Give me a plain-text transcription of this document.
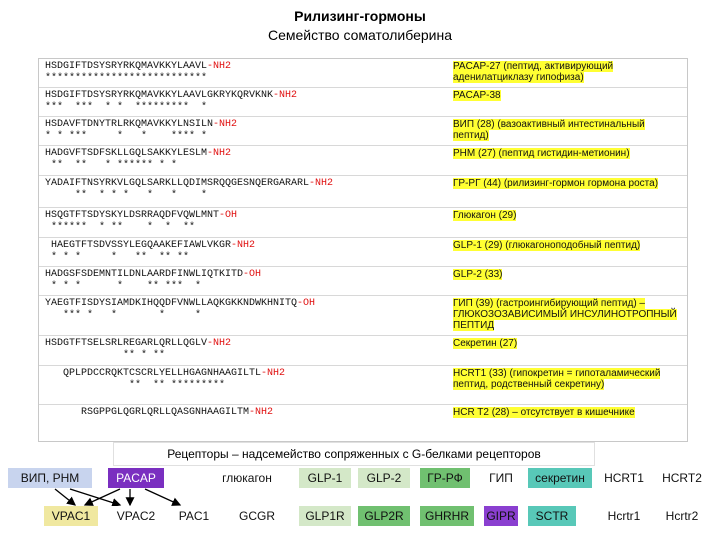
Рилизинг-гормоны
Семейство соматолиберина
HSDGIFTDSYSRYRKQMAVKKYLAAVL-NH2
***************************
PACAP-27 (пептид, активирующий аденилатциклазу гипофиза)
HSDGIFTDSYSRYRKQMAVKKYLAAVLGKRYKQRVKNK-NH2
***  ***  * *  *********  *
PACAP-38
HSDAVFTDNYTRLRKQMAVKKYLNSILN-NH2
* * ***     *   *    **** *
ВИП (28) (вазоактивный интестинальный пептид)
HADGVFTSDFSKLLGQLSAKKYLESLM-NH2
**  **   * ****** * *
PHM (27) (пептид гистидин-метионин)
YADAIFTNSYRKVLGQLSARKLLQDIMSRQQGESNQERGARARL-NH2
**  * * *   *   *    *
ГР-РГ (44) (рилизинг-гормон гормона роста)
HSQGTFTSDYSKYLDSRRAQDFVQWLMNT-OH
******  * **    *  *  **
Глюкагон (29)
HAEGTFTSDVSSYLEGQAAKEFIAWLVKGR-NH2
* * *     *   **  ** **
GLP-1 (29) (глюкагоноподобный пептид)
HADGSFSDEMNTILDNLAARDFINWLIQTKITD-OH
* * *      *    ** ***  *
GLP-2 (33)
YAEGTFISDYSIAMDKIHQQDFVNWLLAQKGKKNDWKHNITQ-OH
*** *   *       *     *
ГИП (39) (гастроингибирующий пептид) – ГЛЮКОЗОЗАВИСИМЫЙ ИНСУЛИНОТРОПНЫЙ ПЕПТИД
HSDGTFTSELSRLREGARLQRLLQGLV-NH2
** * **
Секретин (27)
QPLPDCCRQKTCSCRLYELLHGAGNHAAGILTL-NH2
**  ** *********
HCRT1 (33) (гипокретин = гипоталамический пептид, родственный секретину)
RSGPPGLQGRLQRLLQASGNHAAGILTM-NH2	HCR T2 (28) – отсутствует в кишечнике
Рецепторы – надсемейство сопряженных с G-белками рецепторов
ВИП, PHM	PACAP	глюкагон	GLP-1	GLP-2	ГР-РФ	ГИП	секретин	HCRT1	HCRT2
VPAC1	VPAC2	PAC1	GCGR	GLP1R	GLP2R	GHRHR	GIPR	SCTR	Hcrtr1	Hcrtr2
